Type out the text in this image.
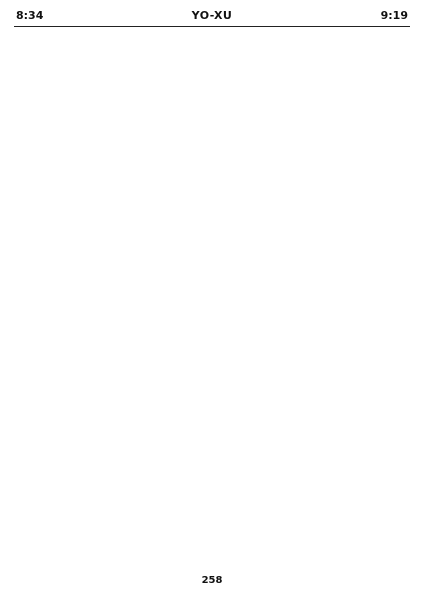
8:34	YO-XU	9:19
258
